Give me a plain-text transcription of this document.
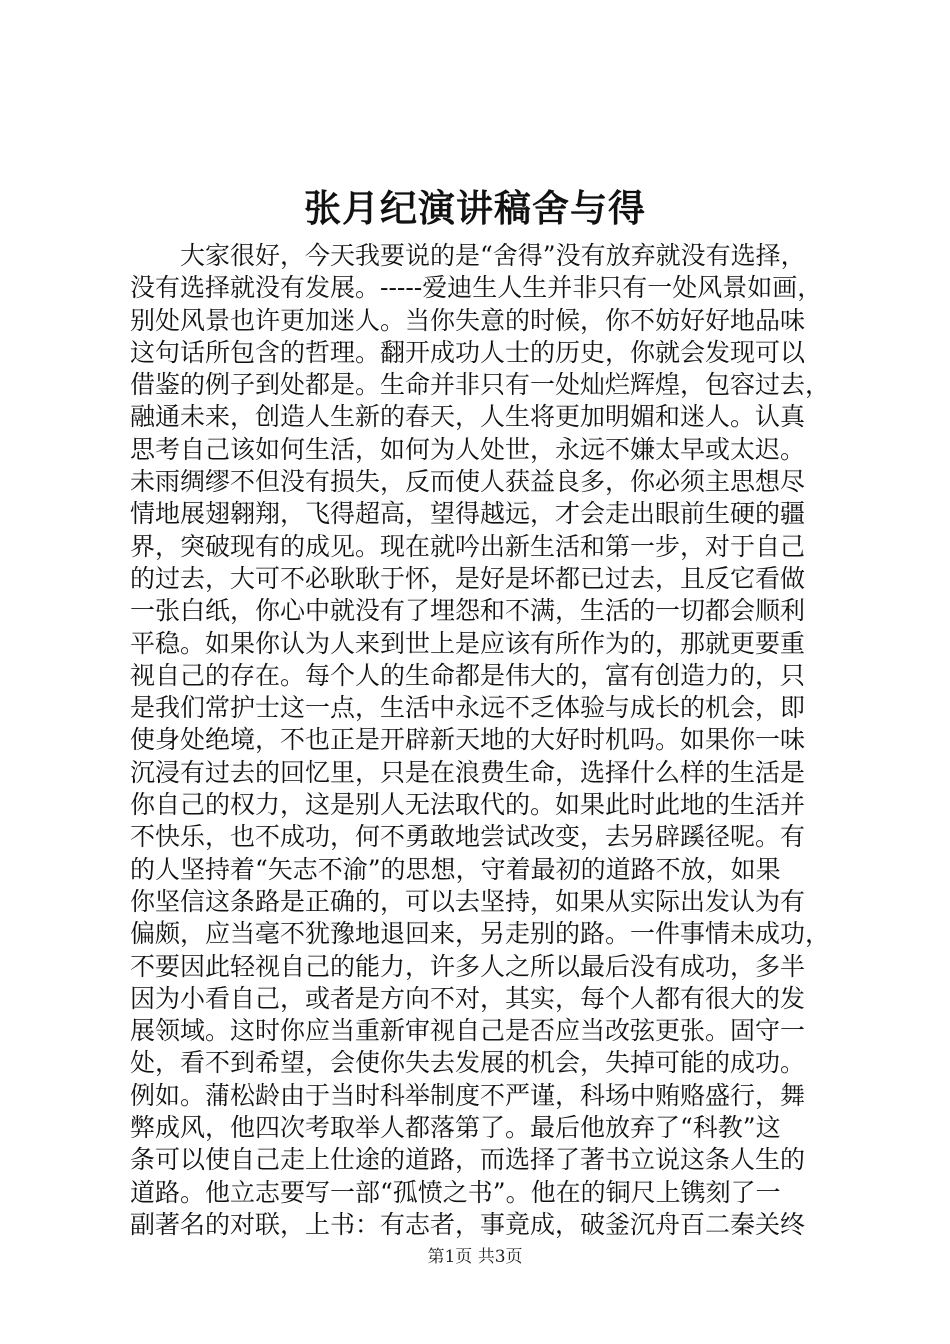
张月纪演讲稿舍与得
大家很好，今天我要说的是“舍得”没有放弃就没有选择，
没有选择就没有发展。-----爱迪生人生并非只有一处风景如画，
别处风景也许更加迷人。当你失意的时候，你不妨好好地品味
这句话所包含的哲理。翻开成功人士的历史，你就会发现可以
借鉴的例子到处都是。生命并非只有一处灿烂辉煌，包容过去，
融通未来，创造人生新的春天，人生将更加明媚和迷人。认真
思考自己该如何生活，如何为人处世，永远不嫌太早或太迟。
未雨绸缪不但没有损失，反而使人获益良多，你必须主思想尽
情地展翅翱翔，飞得超高，望得越远，才会走出眼前生硬的疆
界，突破现有的成见。现在就吟出新生活和第一步，对于自己
的过去，大可不必耿耿于怀，是好是坏都已过去，且反它看做
一张白纸，你心中就没有了埋怨和不满，生活的一切都会顺利
平稳。如果你认为人来到世上是应该有所作为的，那就更要重
视自己的存在。每个人的生命都是伟大的，富有创造力的，只
是我们常护士这一点，生活中永远不乏体验与成长的机会，即
使身处绝境，不也正是开辟新天地的大好时机吗。如果你一味
沉浸有过去的回忆里，只是在浪费生命，选择什么样的生活是
你自己的权力，这是别人无法取代的。如果此时此地的生活并
不快乐，也不成功，何不勇敢地尝试改变，去另辟蹊径呢。有
的人坚持着“矢志不渝”的思想，守着最初的道路不放，如果
你坚信这条路是正确的，可以去坚持，如果从实际出发认为有
偏颇，应当毫不犹豫地退回来，另走别的路。一件事情未成功，
不要因此轻视自己的能力，许多人之所以最后没有成功，多半
因为小看自己，或者是方向不对，其实，每个人都有很大的发
展领域。这时你应当重新审视自己是否应当改弦更张。固守一
处，看不到希望，会使你失去发展的机会，失掉可能的成功。
例如。蒲松龄由于当时科举制度不严谨，科场中贿赂盛行，舞
弊成风，他四次考取举人都落第了。最后他放弃了“科教”这
条可以使自己走上仕途的道路，而选择了著书立说这条人生的
道路。他立志要写一部“孤愤之书”。他在的铜尺上镌刻了一
副著名的对联，上书：有志者，事竟成，破釜沉舟百二秦关终
第1页 共3页
